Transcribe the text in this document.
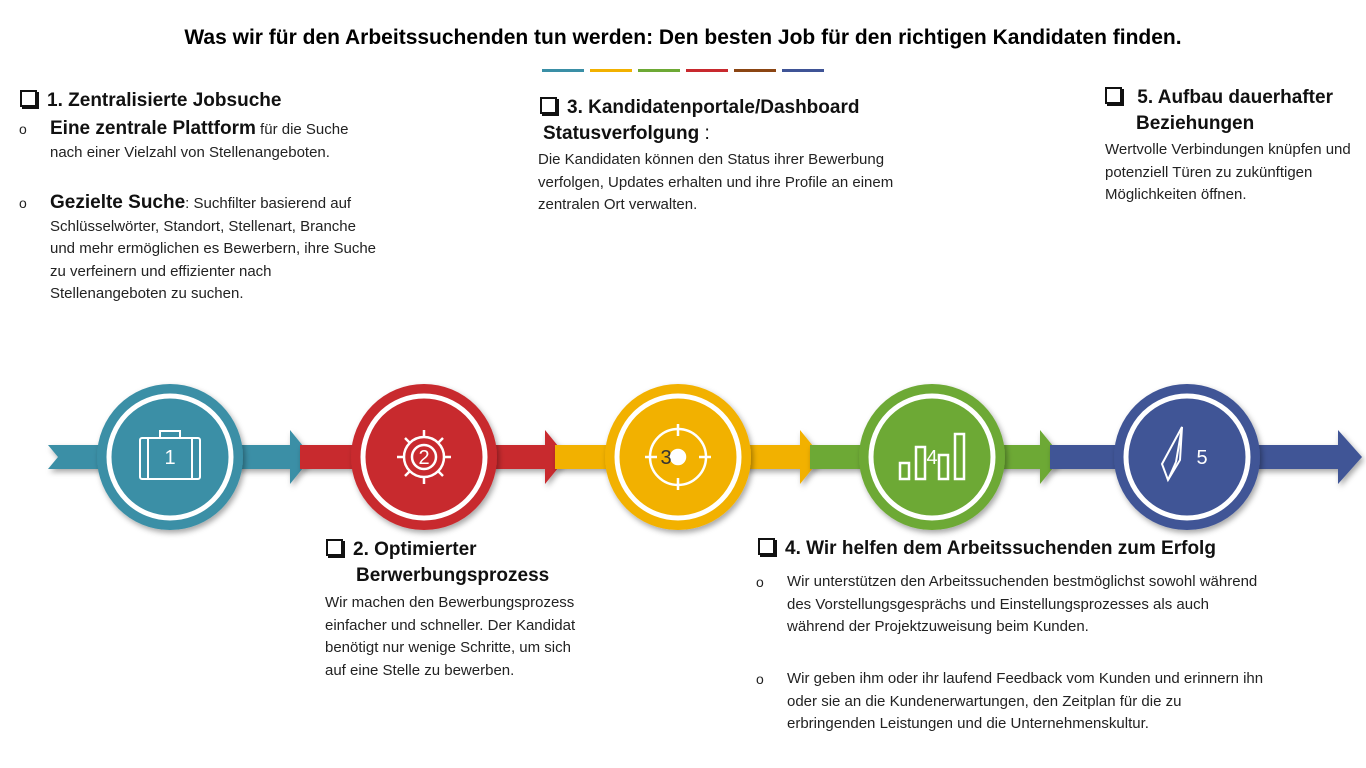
Was wir für den Arbeitssuchenden tun werden: Den besten Job für den richtigen Kandidaten finden.
1. Zentralisierte Jobsuche
o Eine zentrale Plattform für die Suche
nach einer Vielzahl von Stellenangeboten.
o Gezielte Suche: Suchfilter basierend auf
Schlüsselwörter, Standort, Stellenart, Branche und mehr ermöglichen es Bewerbern, ihre Suche zu verfeinern und effizienter nach Stellenangeboten zu suchen.
3. Kandidatenportale/Dashboard
Statusverfolgung :
Die Kandidaten können den Status ihrer Bewerbung verfolgen, Updates erhalten und ihre Profile an einem zentralen Ort verwalten.
5. Aufbau dauerhafter
Beziehungen
Wertvolle Verbindungen knüpfen und potenziell Türen zu zukünftigen Möglichkeiten öffnen.
1	2	3	4	5
2. Optimierter
Berwerbungsprozess
Wir machen den Bewerbungsprozess einfacher und schneller. Der Kandidat benötigt nur wenige Schritte, um sich auf eine Stelle zu bewerben.
4. Wir helfen dem Arbeitssuchenden zum Erfolg
o Wir unterstützen den Arbeitssuchenden bestmöglichst sowohl während des Vorstellungsgesprächs und Einstellungsprozesses als auch während der Projektzuweisung beim Kunden.
o Wir geben ihm oder ihr laufend Feedback vom Kunden und erinnern ihn oder sie an die Kundenerwartungen, den Zeitplan für die zu erbringenden Leistungen und die Unternehmenskultur.
